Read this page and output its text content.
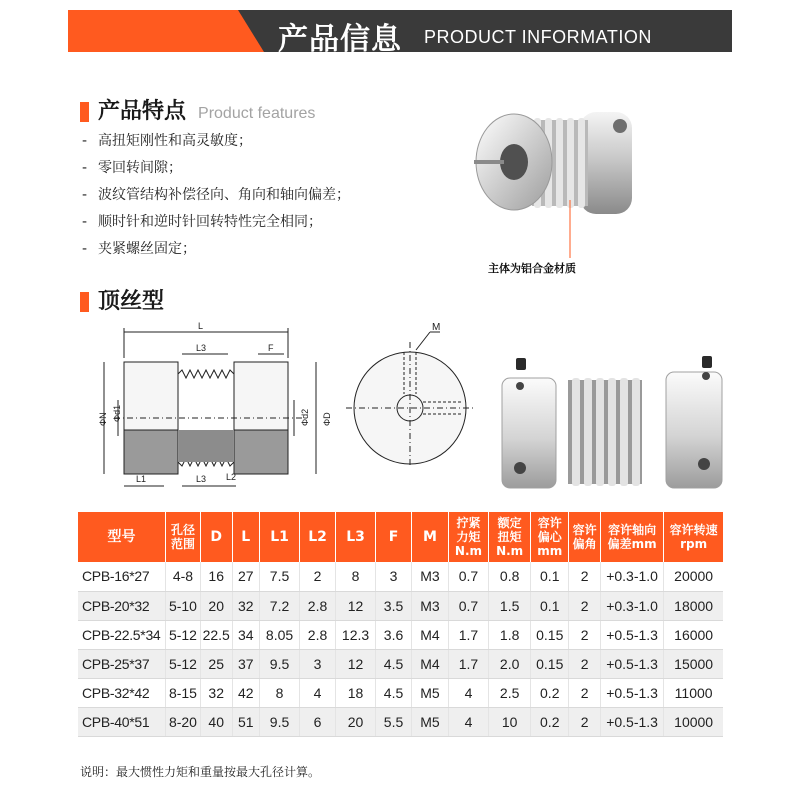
产品信息 PRODUCT INFORMATION
产品特点 Product features
- 高扭矩刚性和高灵敏度；
- 零回转间隙；
- 波纹管结构补偿径向、角向和轴向偏差；
- 顺时针和逆时针回转特性完全相同；
- 夹紧螺丝固定；
主体为铝合金材质
顶丝型
L
L3	F
ΦN Φd1	Φd2 ΦD
L1	L3 L2
M
型号	孔径
范围	D	L	L1	L2	L3	F	M	拧紧
力矩
N.m	额定
扭矩
N.m	容许
偏心
mm	容许
偏角	容许轴向
偏差mm	容许转速
rpm
CPB-16*27	4-8	16	27	7.5	2	8	3	M3	0.7	0.8	0.1	2	+0.3-1.0	20000
CPB-20*32	5-10	20	32	7.2	2.8	12	3.5	M3	0.7	1.5	0.1	2	+0.3-1.0	18000
CPB-22.5*34	5-12	22.5	34	8.05	2.8	12.3	3.6	M4	1.7	1.8	0.15	2	+0.5-1.3	16000
CPB-25*37	5-12	25	37	9.5	3	12	4.5	M4	1.7	2.0	0.15	2	+0.5-1.3	15000
CPB-32*42	8-15	32	42	8	4	18	4.5	M5	4	2.5	0.2	2	+0.5-1.3	11000
CPB-40*51	8-20	40	51	9.5	6	20	5.5	M5	4	10	0.2	2	+0.5-1.3	10000
说明：最大惯性力矩和重量按最大孔径计算。
